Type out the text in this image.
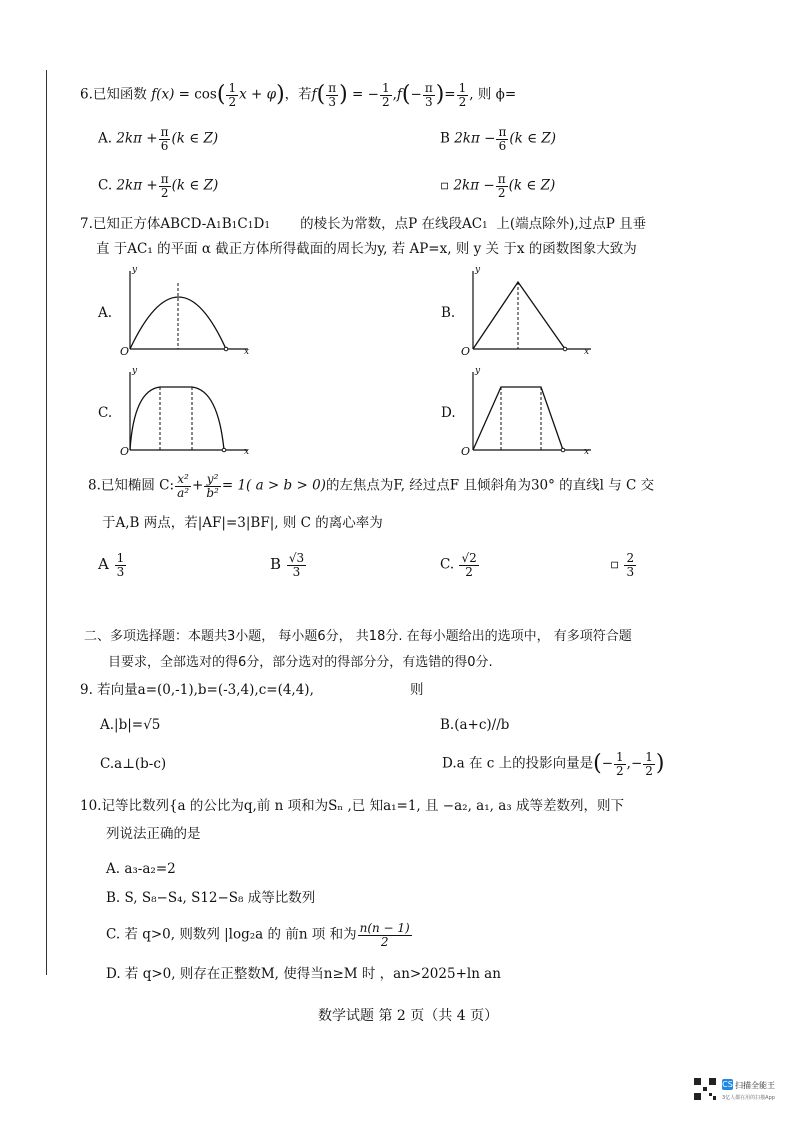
6.已知函数 $f(x) = \cos( \frac{1}{2}$ x + φ)，若$f( \frac{\pi}{3}$ ) = − $\frac{1}{2} ,f(- \frac{\pi}{3}$ )= $\frac{1}{2}$ , 则 ϕ=
A. $2k\pi + \frac{\pi}{6} (k$ ∈ Z)	B $2k\pi - \frac{\pi}{6} (k$ ∈ Z)
C. $2k\pi + \frac{\pi}{2} (k$ ∈ Z)	▫ $2k\pi - \frac{\pi}{2} (k$ ∈ Z)
7.已知正方体ABCD-A1B1C1D1 的棱长为常数，点P 在线段AC1 上(端点除外),过点P 且垂
直 于AC₁ 的平面 α 截正方体所得截面的周长为y, 若 AP=x, 则 y 关 于x 的函数图象大致为
A.
y
O	x
B.
y
O	x
C.
y
O	x
D.
y
O	x
8.已知椭圆 C: $\frac{\text{x²}}{\text{a²}} + \frac{\text{y²}}{\text{b²}} = 1$( a > b > 0)的左焦点为F, 经过点F 且倾斜角为30° 的直线l 与 C 交
于A,B 两点，若|AF|=3|BF|, 则 C 的离心率为
A $\frac{1}{3}$	B $\frac{√3}{3}$	C. $\frac{√2}{2}$	▫ $\frac{2}{3}$
二、多项选择题：本题共3小题， 每小题6分， 共18分. 在每小题给出的选项中， 有多项符合题
目要求，全部选对的得6分，部分选对的得部分分，有选错的得0分.
9. 若向量a=(0,-1),b=(-3,4),c=(4,4),	则
A.|b|=√5	B.(a+c)//b
C.a⊥(b-c)	D.a 在 c 上的投影向量是(− $\frac{1}{2}$ ,− $\frac{1}{2}$ )
10.记等比数列{a 的公比为q,前 n 项和为Sₙ ,已 知a₁=1, 且 −a₂, a₁, a₃ 成等差数列，则下
列说法正确的是
A. a₃-a₂=2
B. S, S₈−S₄, S12−S₈ 成等比数列
C. 若 q>0, 则数列 |log₂a 的 前n 项 和为 $\frac{n(n - 1)}{2}$
D. 若 q>0, 则存在正整数M, 使得当n≥M 时 ，an>2025+ln an
数学试题 第 2 页（共 4 页）
CS 扫描全能王
3亿人都在用的扫描App
